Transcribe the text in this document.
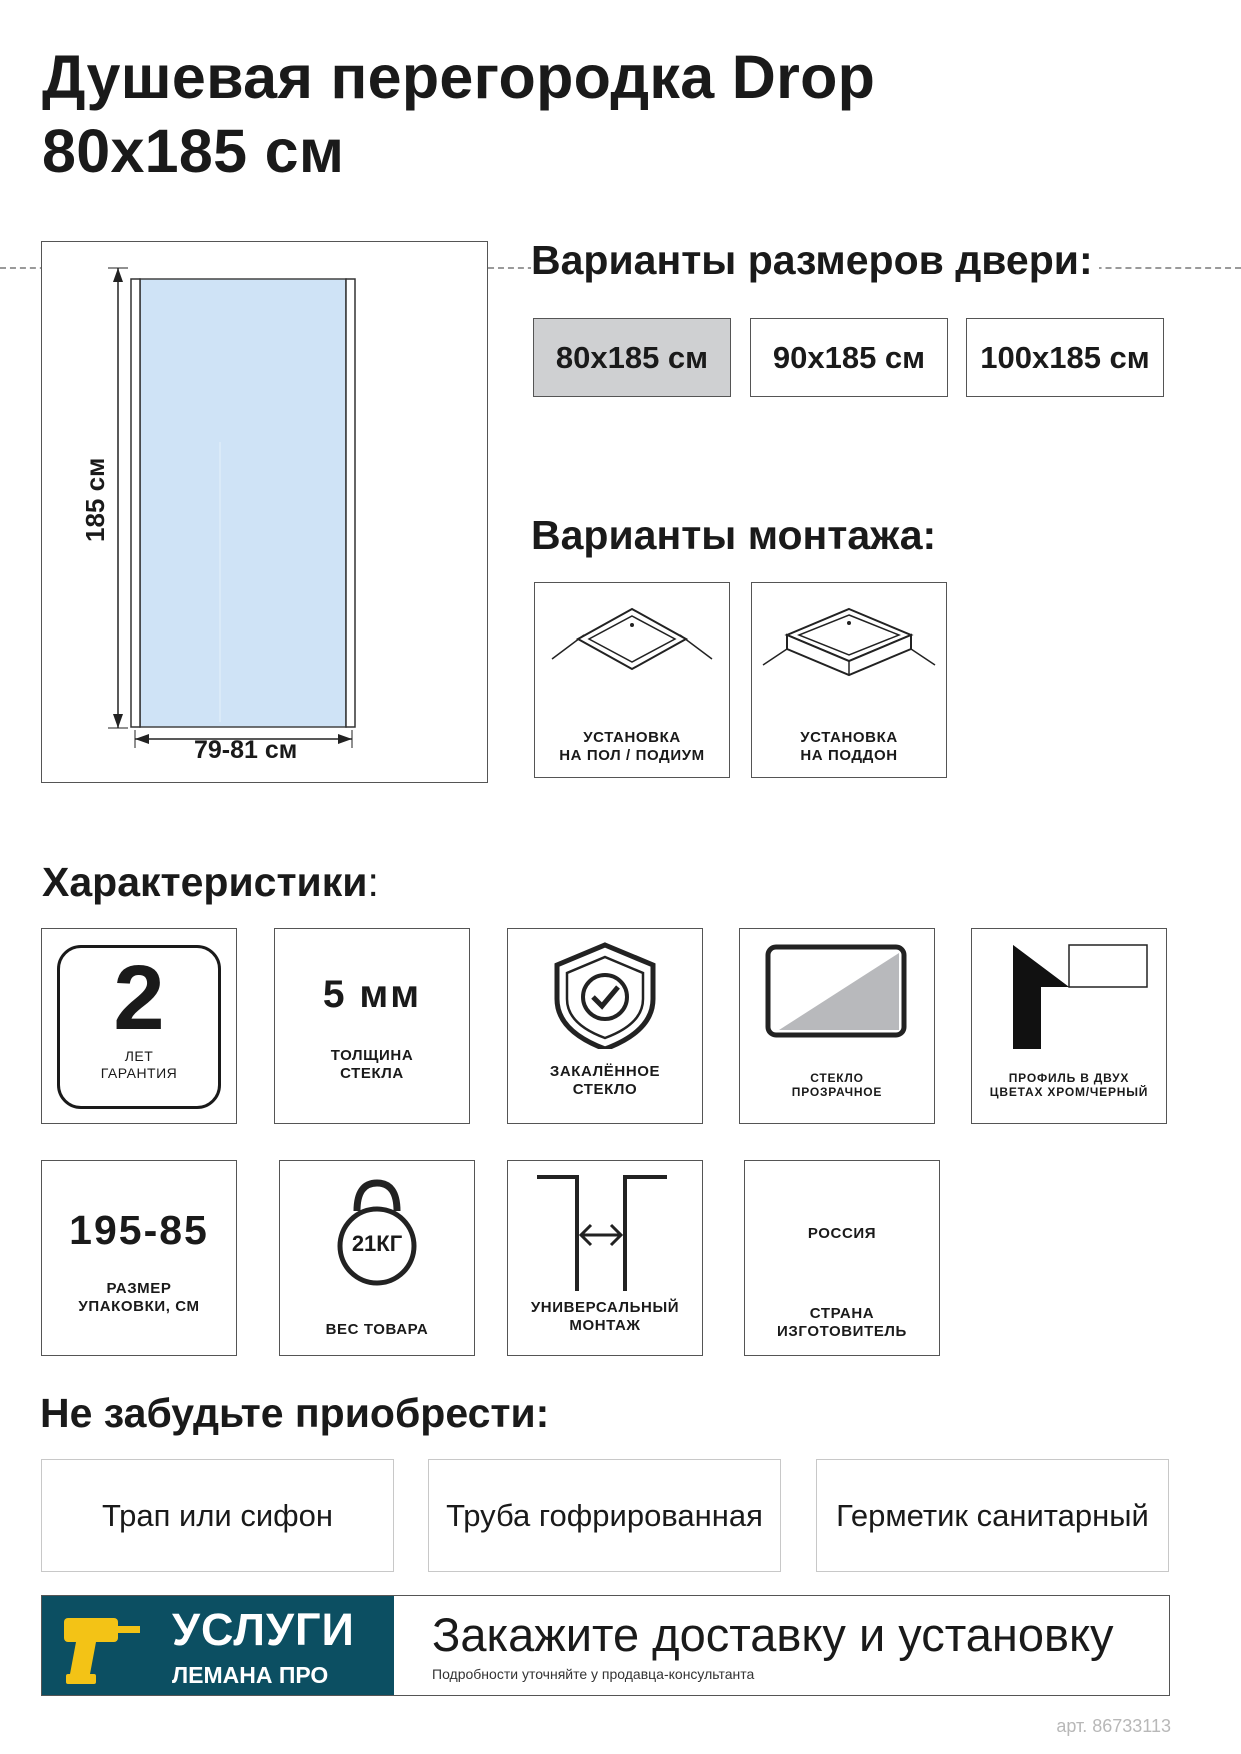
Душевая перегородка Drop
80х185 см
185 см
79-81 см
Варианты размеров двери:
80х185 см	90х185 см	100х185 см
Варианты монтажа:
УСТАНОВКА
НА ПОЛ / ПОДИУМ
УСТАНОВКА
НА ПОДДОН
Характеристики:
2
ЛЕТ
ГАРАНТИЯ
5 мм
ТОЛЩИНА
СТЕКЛА	ЗАКАЛЁННОЕ
СТЕКЛО
СТЕКЛО
ПРОЗРАЧНОЕ
ПРОФИЛЬ В ДВУХ
ЦВЕТАХ ХРОМ/ЧЕРНЫЙ
195-85
РАЗМЕР
УПАКОВКИ, СМ
21КГ
ВЕС ТОВАРА
УНИВЕРСАЛЬНЫЙ
МОНТАЖ
РОССИЯ
СТРАНА
ИЗГОТОВИТЕЛЬ
Не забудьте приобрести:
Трап или сифон	Труба гофрированная	Герметик санитарный
УСЛУГИ
ЛЕМАНА ПРО
Закажите доставку и установку
Подробности уточняйте у продавца-консультанта
арт. 86733113
